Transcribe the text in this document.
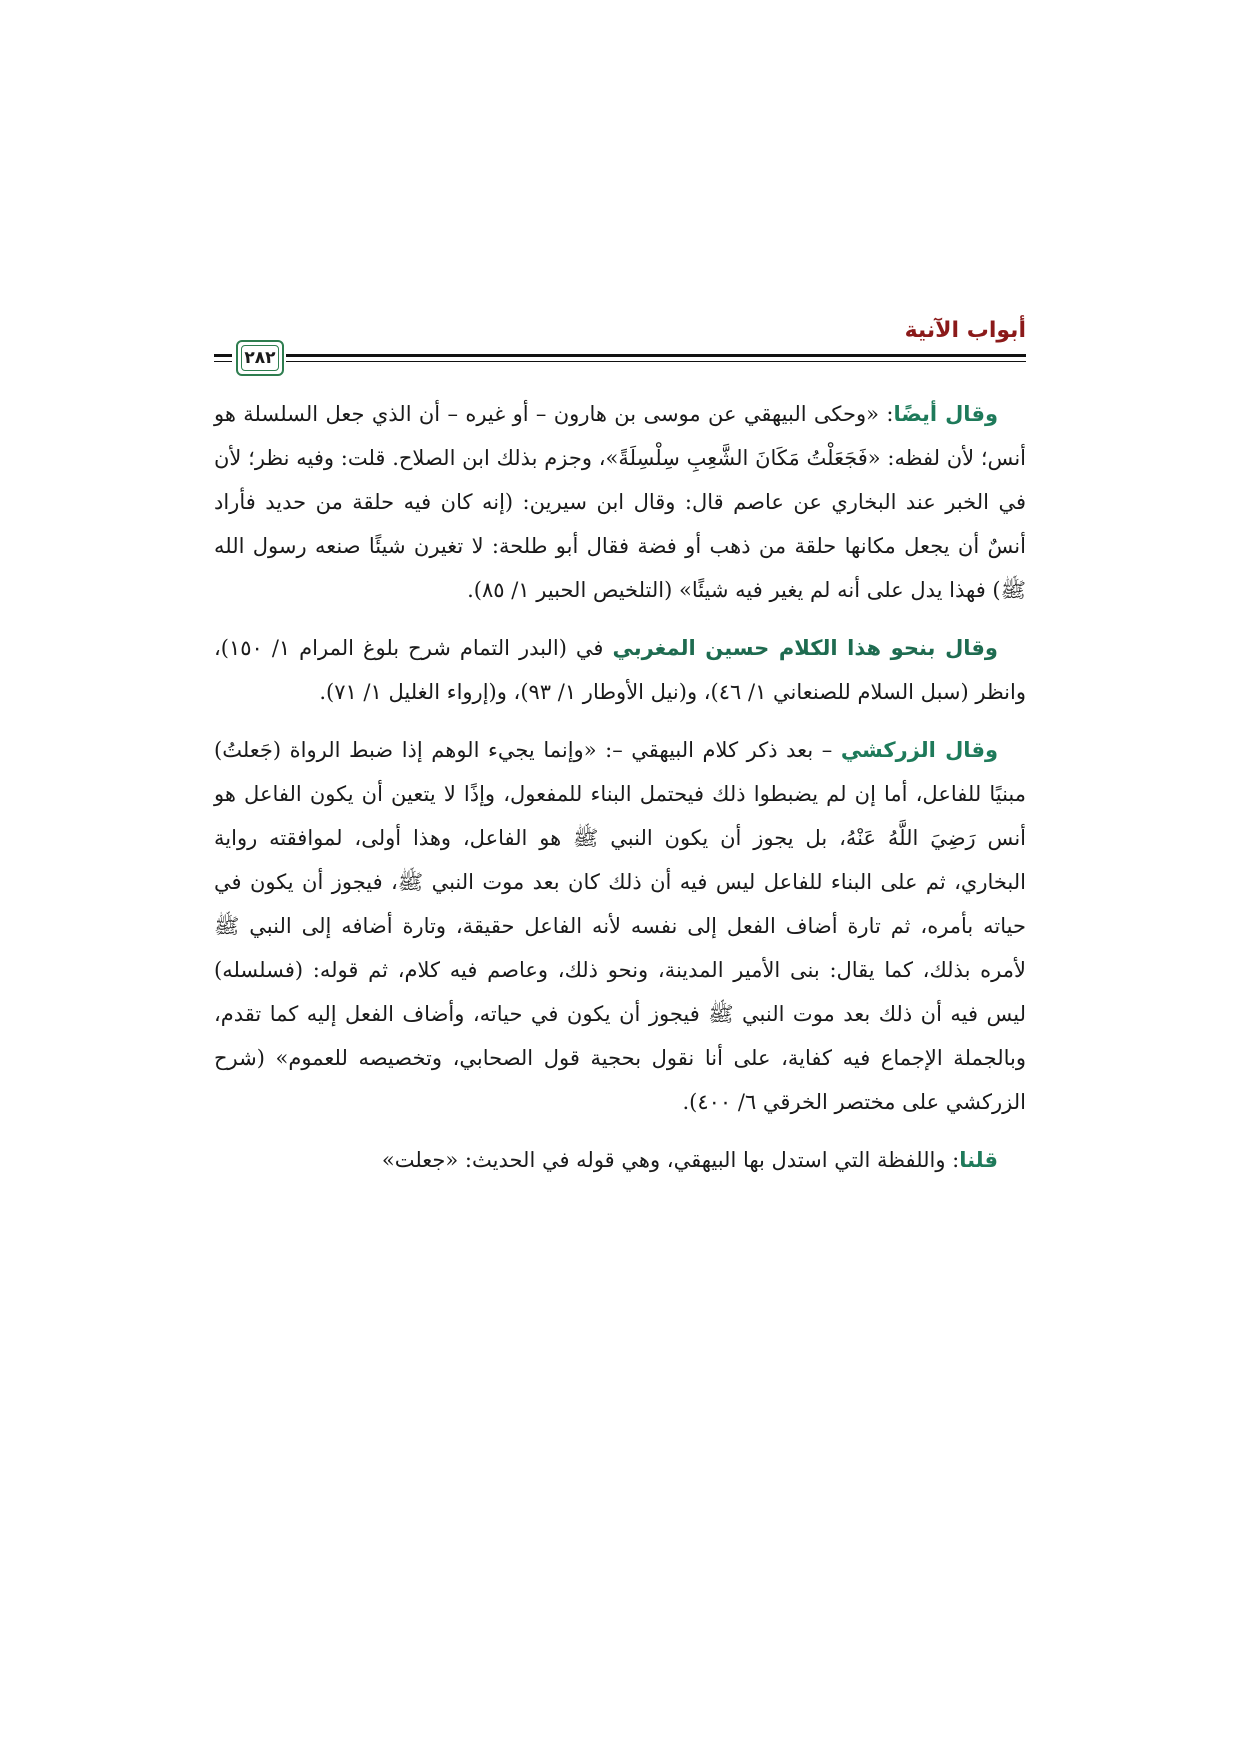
أبواب الآنية
٢٨٢

وقال أيضًا: «وحكى البيهقي عن موسى بن هارون – أو غيره – أن الذي جعل السلسلة هو أنس؛ لأن لفظه: «فَجَعَلْتُ مَكَانَ الشَّعِبِ سِلْسِلَةً»، وجزم بذلك ابن الصلاح. قلت: وفيه نظر؛ لأن في الخبر عند البخاري عن عاصم قال: وقال ابن سيرين: (إنه كان فيه حلقة من حديد فأراد أنسٌ أن يجعل مكانها حلقة من ذهب أو فضة فقال أبو طلحة: لا تغيرن شيئًا صنعه رسول الله ﷺ) فهذا يدل على أنه لم يغير فيه شيئًا» (التلخيص الحبير ١/ ٨٥).

وقال بنحو هذا الكلام حسين المغربي في (البدر التمام شرح بلوغ المرام ١/ ١٥٠)، وانظر (سبل السلام للصنعاني ١/ ٤٦)، و(نيل الأوطار ١/ ٩٣)، و(إرواء الغليل ١/ ٧١).

وقال الزركشي – بعد ذكر كلام البيهقي –: «وإنما يجيء الوهم إذا ضبط الرواة (جَعلتُ) مبنيًا للفاعل، أما إن لم يضبطوا ذلك فيحتمل البناء للمفعول، وإذًا لا يتعين أن يكون الفاعل هو أنس رَضِيَ اللَّهُ عَنْهُ، بل يجوز أن يكون النبي ﷺ هو الفاعل، وهذا أولى، لموافقته رواية البخاري، ثم على البناء للفاعل ليس فيه أن ذلك كان بعد موت النبي ﷺ، فيجوز أن يكون في حياته بأمره، ثم تارة أضاف الفعل إلى نفسه لأنه الفاعل حقيقة، وتارة أضافه إلى النبي ﷺ لأمره بذلك، كما يقال: بنى الأمير المدينة، ونحو ذلك، وعاصم فيه كلام، ثم قوله: (فسلسله) ليس فيه أن ذلك بعد موت النبي ﷺ فيجوز أن يكون في حياته، وأضاف الفعل إليه كما تقدم، وبالجملة الإجماع فيه كفاية، على أنا نقول بحجية قول الصحابي، وتخصيصه للعموم» (شرح الزركشي على مختصر الخرقي ٦/ ٤٠٠).

قلنا: واللفظة التي استدل بها البيهقي، وهي قوله في الحديث: «جعلت»
